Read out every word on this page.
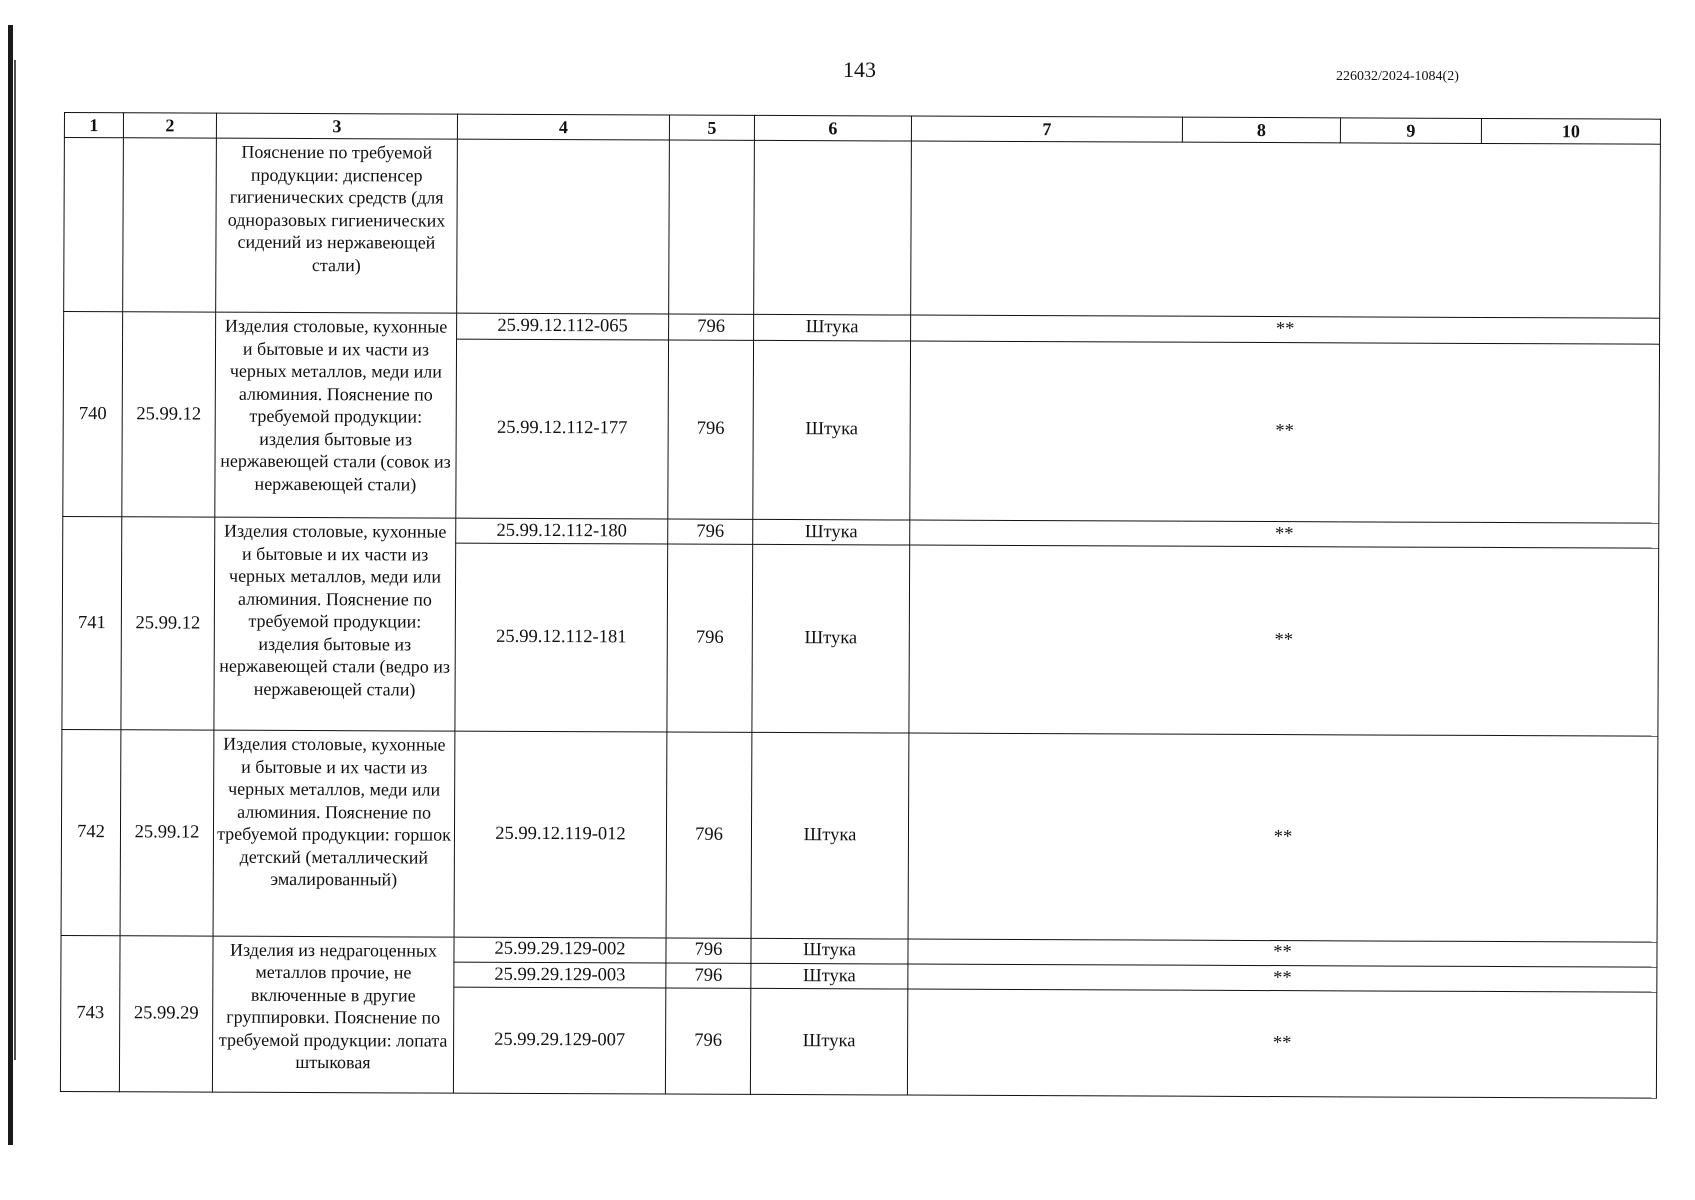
143	226032/2024-1084(2)
1	2	3	4	5	6	7	8	9	10
		Пояснение по требуемой продукции: диспенсер гигиенических средств (для одноразовых гигиенических сидений из нержавеющей стали)							
740	25.99.12	Изделия столовые, кухонные и бытовые и их части из черных металлов, меди или алюминия. Пояснение по требуемой продукции: изделия бытовые из нержавеющей стали (совок из нержавеющей стали)	25.99.12.112-065	796	Штука	**			
			25.99.12.112-177	796	Штука	**			
741	25.99.12	Изделия столовые, кухонные и бытовые и их части из черных металлов, меди или алюминия. Пояснение по требуемой продукции: изделия бытовые из нержавеющей стали (ведро из нержавеющей стали)	25.99.12.112-180	796	Штука	**			
			25.99.12.112-181	796	Штука	**			
742	25.99.12	Изделия столовые, кухонные и бытовые и их части из черных металлов, меди или алюминия. Пояснение по требуемой продукции: горшок детский (металлический эмалированный)	25.99.12.119-012	796	Штука	**			
743	25.99.29	Изделия из недрагоценных металлов прочие, не включенные в другие группировки. Пояснение по требуемой продукции: лопата штыковая	25.99.29.129-002	796	Штука	**			
			25.99.29.129-003	796	Штука	**			
			25.99.29.129-007	796	Штука	**			
